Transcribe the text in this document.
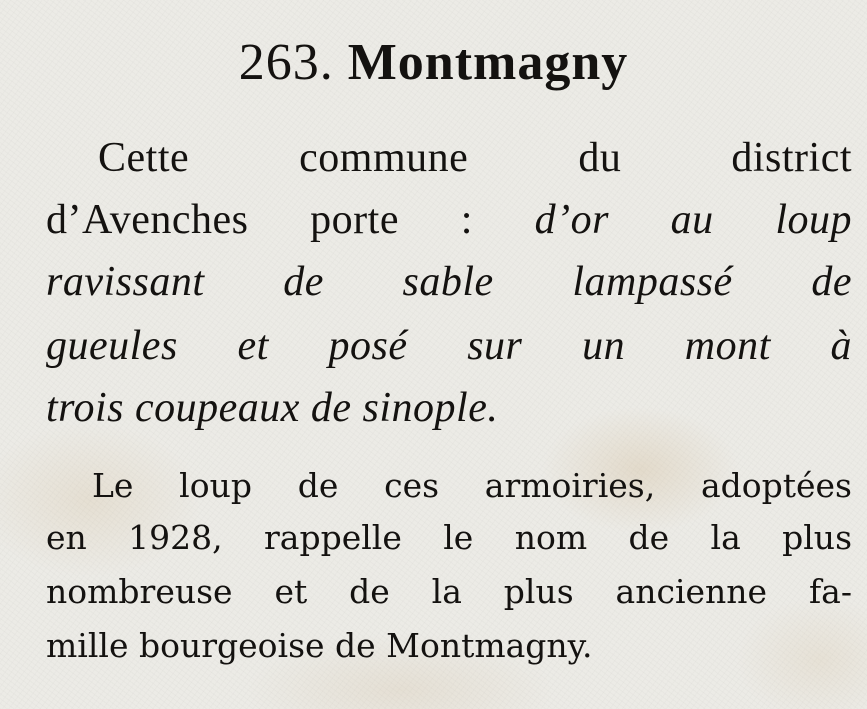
263. Montmagny
Cette commune du district
d’Avenches porte : d’or au loup
ravissant de sable lampassé de
gueules et posé sur un mont à
trois coupeaux de sinople.
Le loup de ces armoiries, adoptées
en 1928, rappelle le nom de la plus
nombreuse et de la plus ancienne fa-
mille bourgeoise de Montmagny.
